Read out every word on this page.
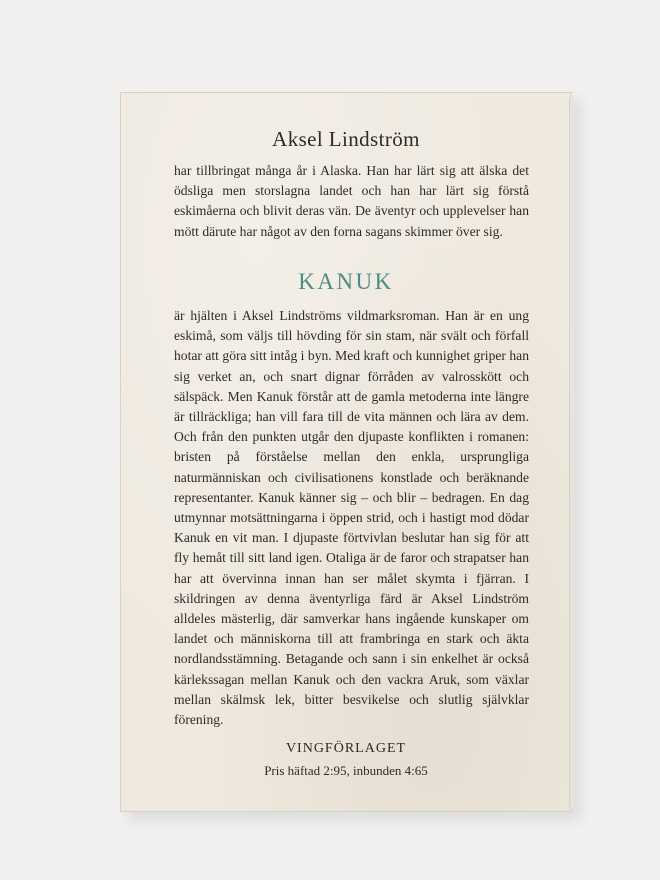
Aksel Lindström
har tillbringat många år i Alaska. Han har lärt sig att älska det ödsliga men storslagna landet och han har lärt sig förstå eskimåerna och blivit deras vän. De äventyr och upplevelser han mött därute har något av den forna sagans skimmer över sig.
KANUK
är hjälten i Aksel Lindströms vildmarksroman. Han är en ung eskimå, som väljs till hövding för sin stam, när svält och förfall hotar att göra sitt intåg i byn. Med kraft och kunnighet griper han sig verket an, och snart dignar förråden av valrosskött och sälspäck. Men Kanuk förstår att de gamla metoderna inte längre är tillräckliga; han vill fara till de vita männen och lära av dem. Och från den punkten utgår den djupaste konflikten i romanen: bristen på förståelse mellan den enkla, ursprungliga naturmänniskan och civilisationens konstlade och beräknande representanter. Kanuk känner sig – och blir – bedragen. En dag utmynnar motsättningarna i öppen strid, och i hastigt mod dödar Kanuk en vit man. I djupaste förtvivlan beslutar han sig för att fly hemåt till sitt land igen. Otaliga är de faror och strapatser han har att övervinna innan han ser målet skymta i fjärran. I skildringen av denna äventyrliga färd är Aksel Lindström alldeles mästerlig, där samverkar hans ingående kunskaper om landet och människorna till att frambringa en stark och äkta nordlandsstämning. Betagande och sann i sin enkelhet är också kärlekssagan mellan Kanuk och den vackra Aruk, som växlar mellan skälmsk lek, bitter besvikelse och slutlig självklar förening.
VINGFÖRLAGET
Pris häftad 2:95, inbunden 4:65
